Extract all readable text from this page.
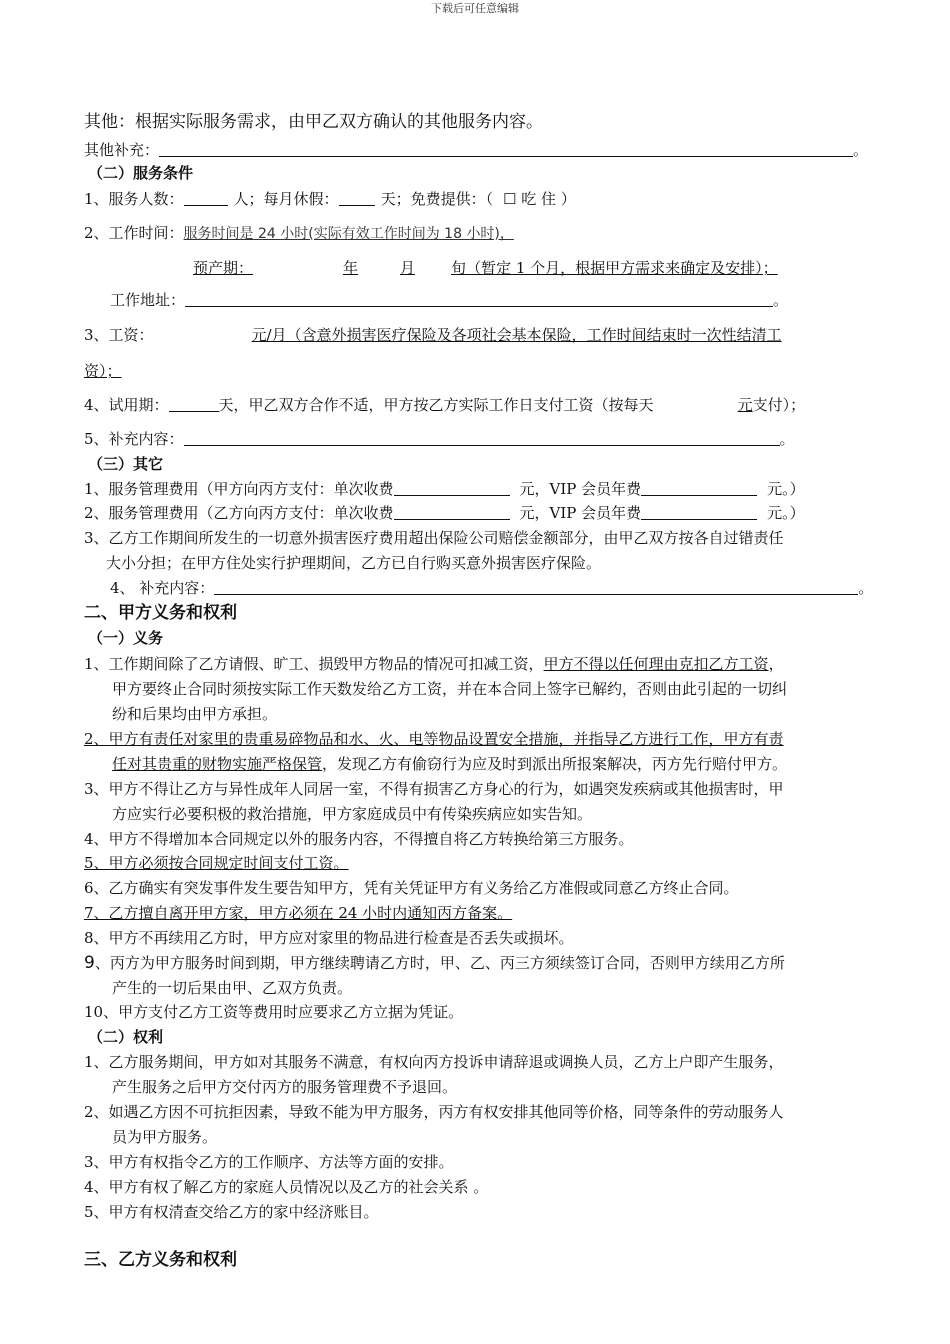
下载后可任意编辑
其他：根据实际服务需求，由甲乙双方确认的其他服务内容。
其他补充：	。
（二）服务条件
1、服务人数：	人；每月休假：	天；免费提供：（ ☐ 吃 住 ）
2、工作时间：服务时间是 24 小时(实际有效工作时间为 18 小时)，
预产期：	年	月 旬（暂定 1 个月，根据甲方需求来确定及安排）；
工作地址：	。
3、工资：	元/月（含意外损害医疗保险及各项社会基本保险，工作时间结束时一次性结清工
资）；
4、试用期：	天，甲乙双方合作不适，甲方按乙方实际工作日支付工资（按每天	元支付）；
5、补充内容：	。
（三）其它
1、服务管理费用（甲方向丙方支付：单次收费	元，VIP 会员年费	元。）
2、服务管理费用（乙方向丙方支付：单次收费	元，VIP 会员年费	元。）
3、乙方工作期间所发生的一切意外损害医疗费用超出保险公司赔偿金额部分，由甲乙双方按各自过错责任
大小分担；在甲方住处实行护理期间，乙方已自行购买意外损害医疗保险。
4、 补充内容：	。
二、甲方义务和权利
（一）义务
1、工作期间除了乙方请假、旷工、损毁甲方物品的情况可扣减工资，甲方不得以任何理由克扣乙方工资，
甲方要终止合同时须按实际工作天数发给乙方工资，并在本合同上签字已解约，否则由此引起的一切纠
纷和后果均由甲方承担。
2、甲方有责任对家里的贵重易碎物品和水、火、电等物品设置安全措施，并指导乙方进行工作，甲方有责
任对其贵重的财物实施严格保管，发现乙方有偷窃行为应及时到派出所报案解决，丙方先行赔付甲方。
3、甲方不得让乙方与异性成年人同居一室，不得有损害乙方身心的行为，如遇突发疾病或其他损害时，甲
方应实行必要积极的救治措施，甲方家庭成员中有传染疾病应如实告知。
4、甲方不得增加本合同规定以外的服务内容，不得擅自将乙方转换给第三方服务。
5、甲方必须按合同规定时间支付工资。
6、乙方确实有突发事件发生要告知甲方，凭有关凭证甲方有义务给乙方准假或同意乙方终止合同。
7、乙方擅自离开甲方家，甲方必须在 24 小时内通知丙方备案。
8、甲方不再续用乙方时，甲方应对家里的物品进行检查是否丢失或损坏。
9、丙方为甲方服务时间到期，甲方继续聘请乙方时，甲、乙、丙三方须续签订合同，否则甲方续用乙方所
产生的一切后果由甲、乙双方负责。
10、甲方支付乙方工资等费用时应要求乙方立据为凭证。
（二）权利
1、乙方服务期间，甲方如对其服务不满意，有权向丙方投诉申请辞退或调换人员，乙方上户即产生服务，
产生服务之后甲方交付丙方的服务管理费不予退回。
2、如遇乙方因不可抗拒因素，导致不能为甲方服务，丙方有权安排其他同等价格，同等条件的劳动服务人
员为甲方服务。
3、甲方有权指令乙方的工作顺序、方法等方面的安排。
4、甲方有权了解乙方的家庭人员情况以及乙方的社会关系 。
5、甲方有权清查交给乙方的家中经济账目。
三、乙方义务和权利
